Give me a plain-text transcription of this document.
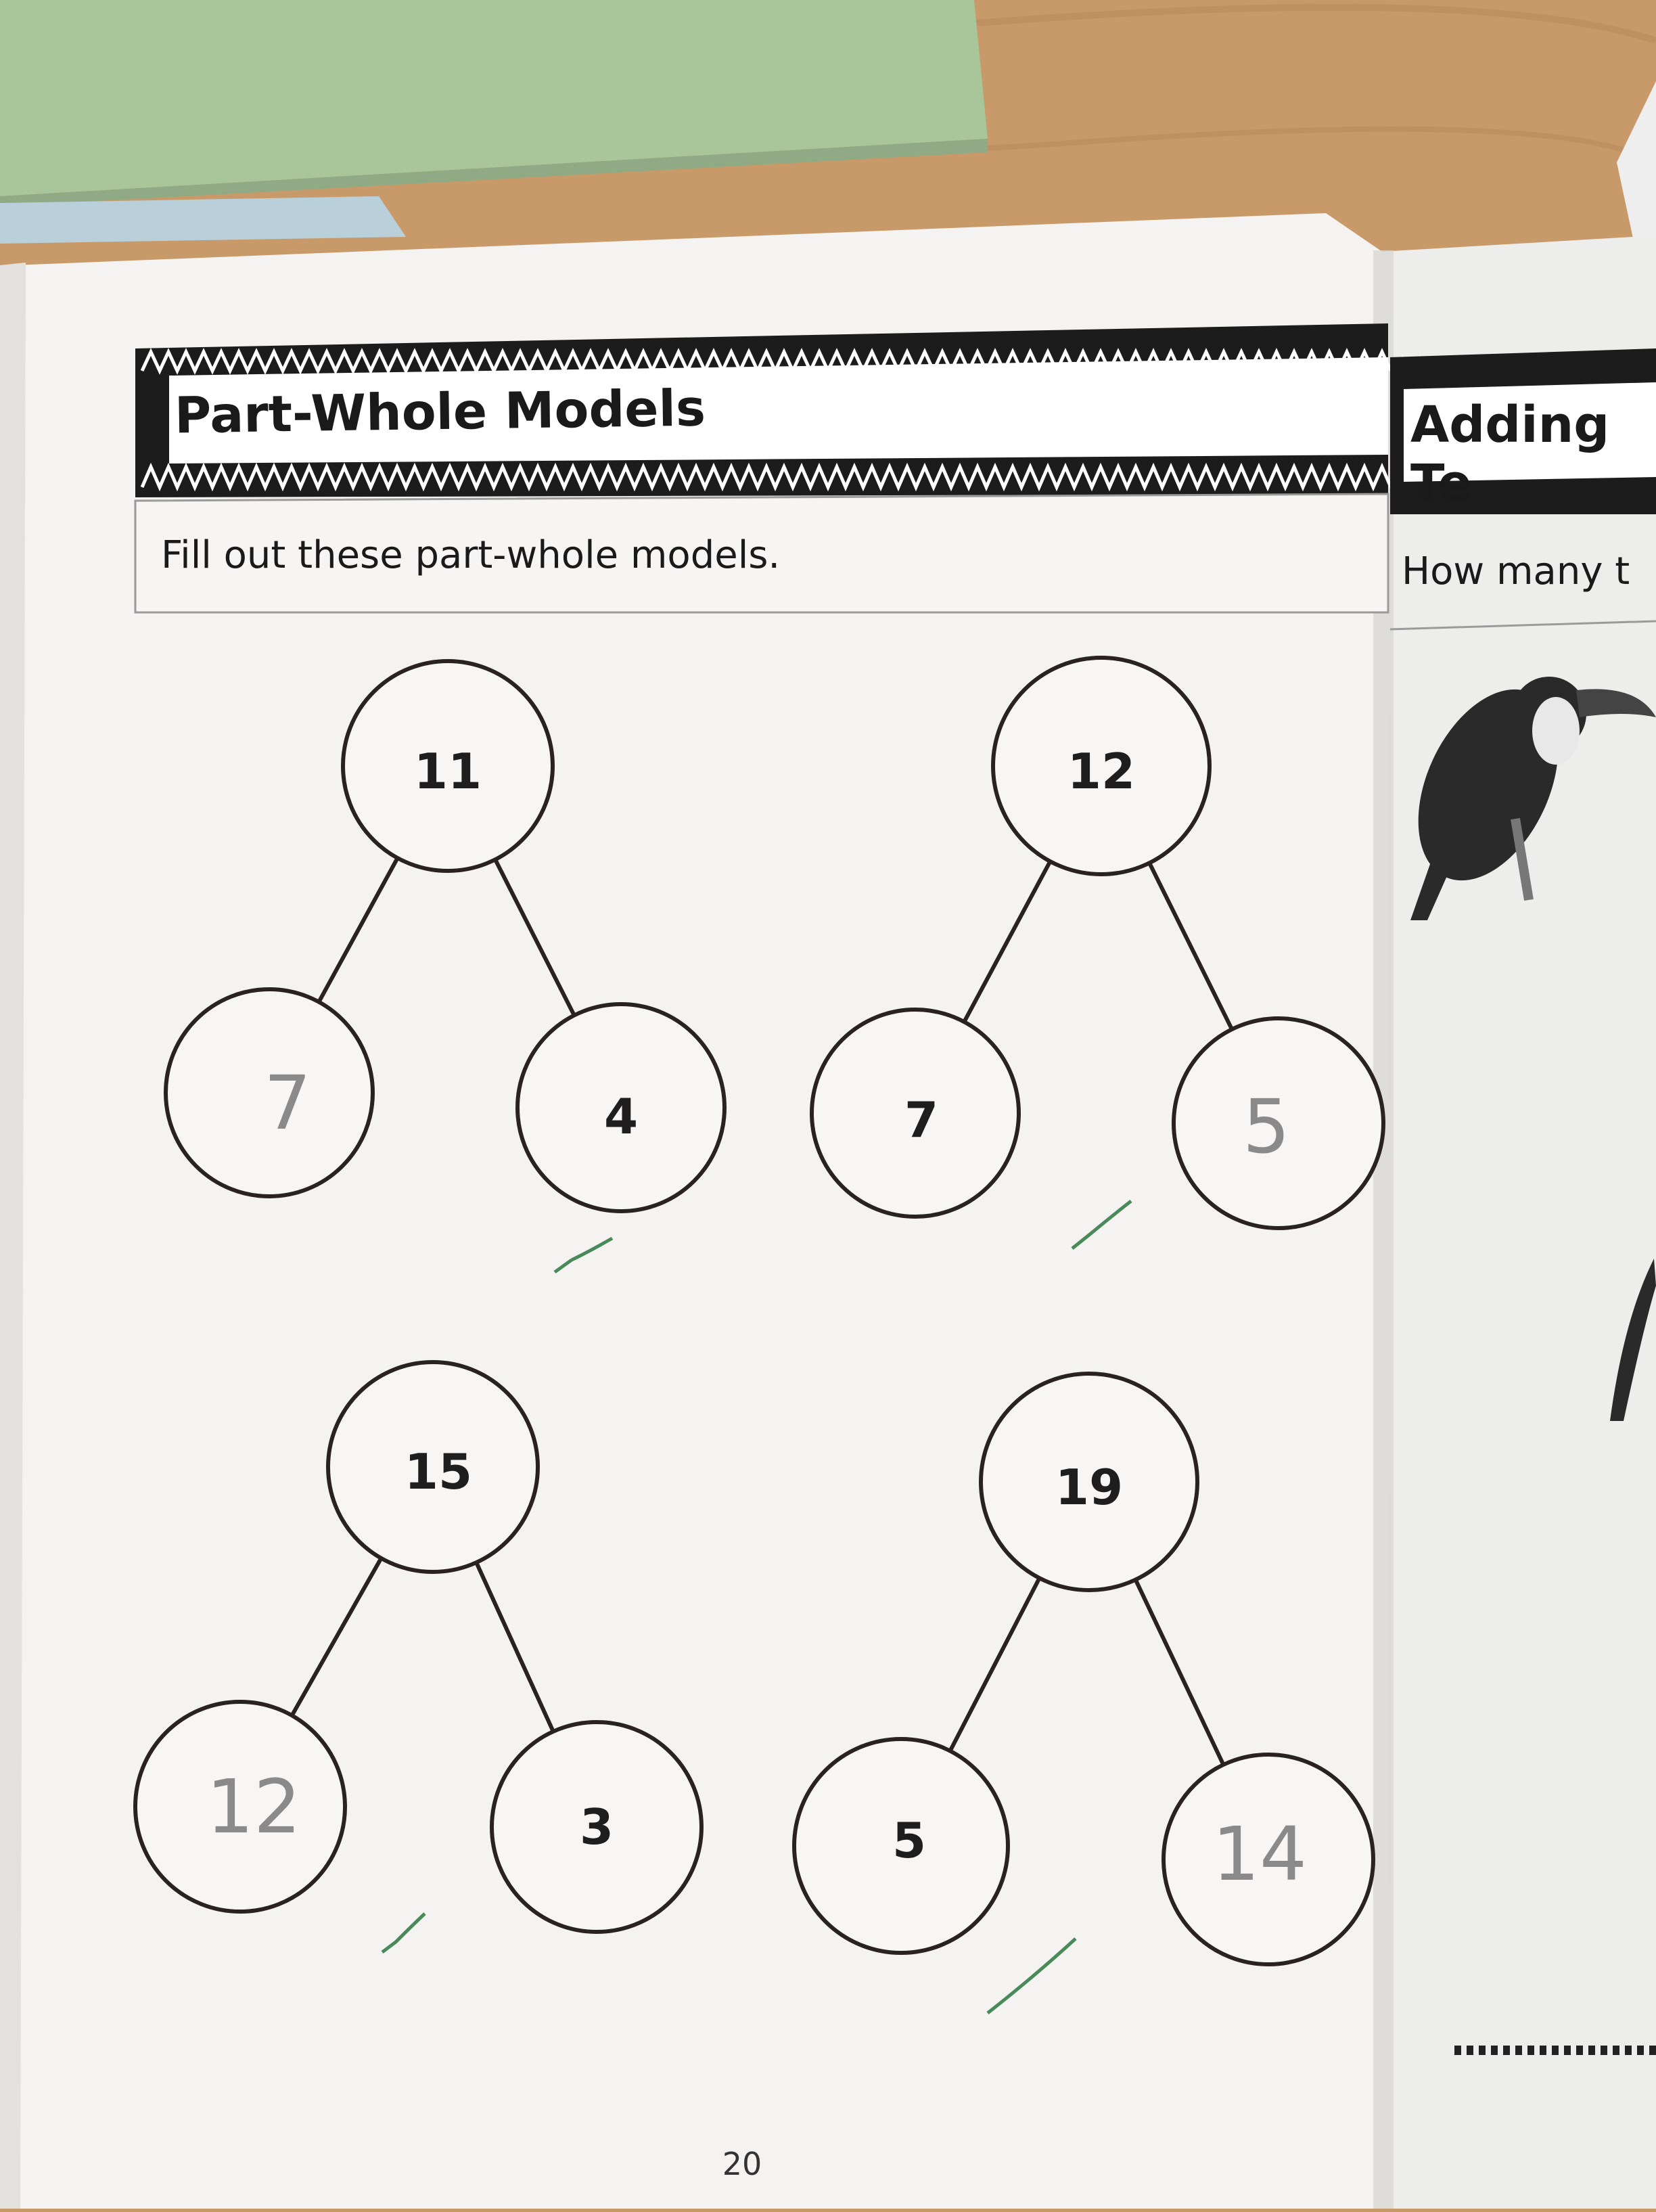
Part-Whole Models
Fill out these part-whole models.
Adding Te
How many t
20
11
7	4
12
7	5
15
12	3
19
5	14
